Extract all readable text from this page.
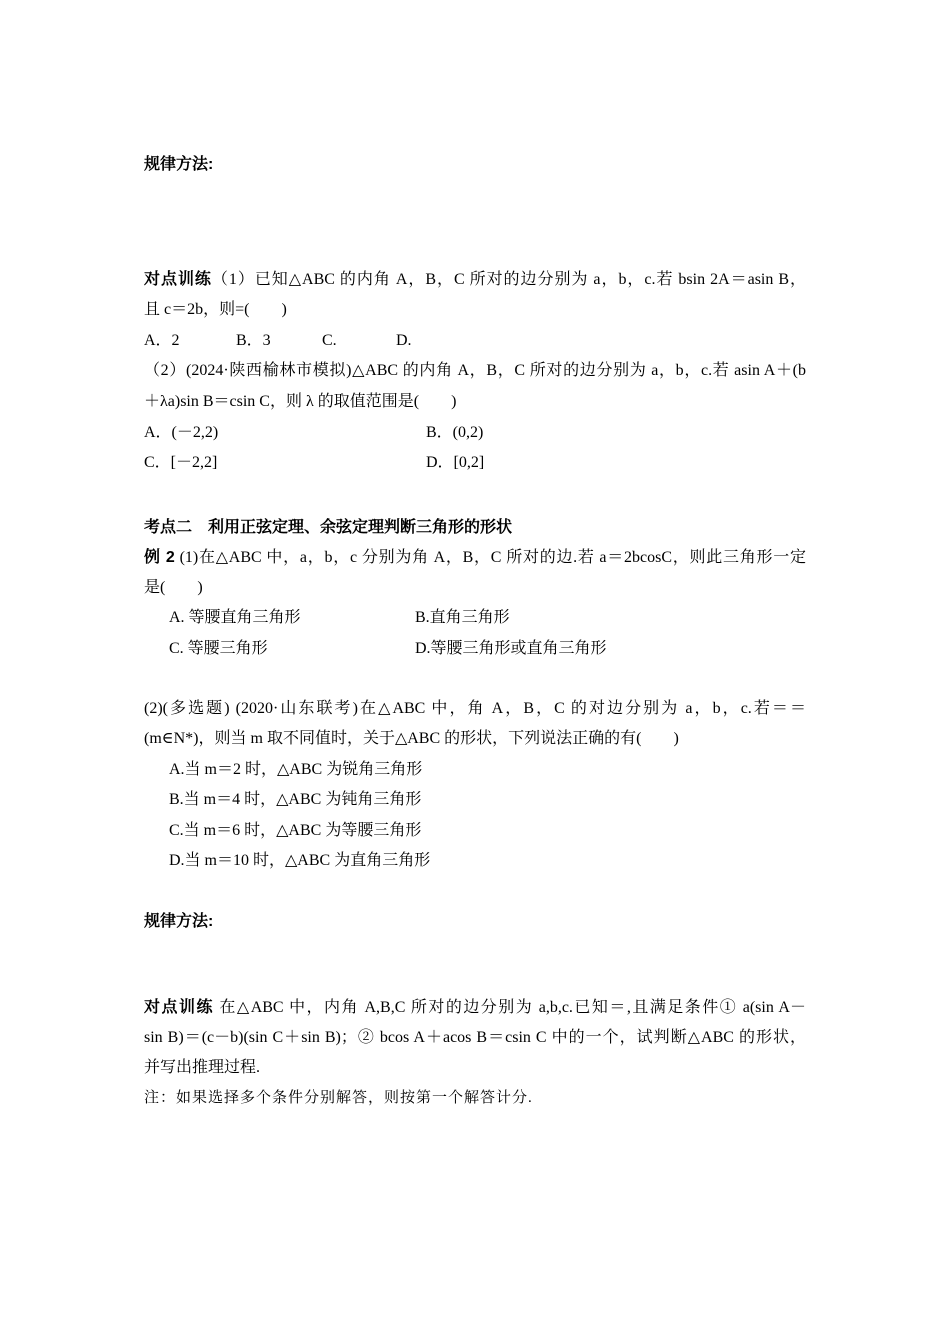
规律方法:
对点训练（1）已知△ABC 的内角 A，B，C 所对的边分别为 a，b，c.若 bsin 2A＝asin B，
且 c＝2b，则=(　　)
A．2	B．3	C.	D.
（2）(2024·陕西榆林市模拟)△ABC 的内角 A，B，C 所对的边分别为 a，b，c.若 asin A＋(b
＋λa)sin B＝csin C，则 λ 的取值范围是(　　)
A．(－2,2)	B．(0,2)
C．[－2,2]	D．[0,2]
考点二　利用正弦定理、余弦定理判断三角形的形状
例 2 (1)在△ABC 中，a，b，c 分别为角 A，B，C 所对的边.若 a＝2bcosC，则此三角形一定
是(　　)
A. 等腰直角三角形	B.直角三角形
C. 等腰三角形	D.等腰三角形或直角三角形
(2)(多选题) (2020·山东联考)在△ABC 中，角 A，B，C 的对边分别为 a，b，c.若＝＝
(m∈N*)，则当 m 取不同值时，关于△ABC 的形状，下列说法正确的有(　　)
A.当 m＝2 时，△ABC 为锐角三角形
B.当 m＝4 时，△ABC 为钝角三角形
C.当 m＝6 时，△ABC 为等腰三角形
D.当 m＝10 时，△ABC 为直角三角形
规律方法:
对点训练 在△ABC 中，内角 A,B,C 所对的边分别为 a,b,c.已知＝,且满足条件① a(sin A－
sin B)＝(c－b)(sin C＋sin B)；② bcos A＋acos B＝csin C 中的一个，试判断△ABC 的形状，
并写出推理过程.
注：如果选择多个条件分别解答，则按第一个解答计分.
